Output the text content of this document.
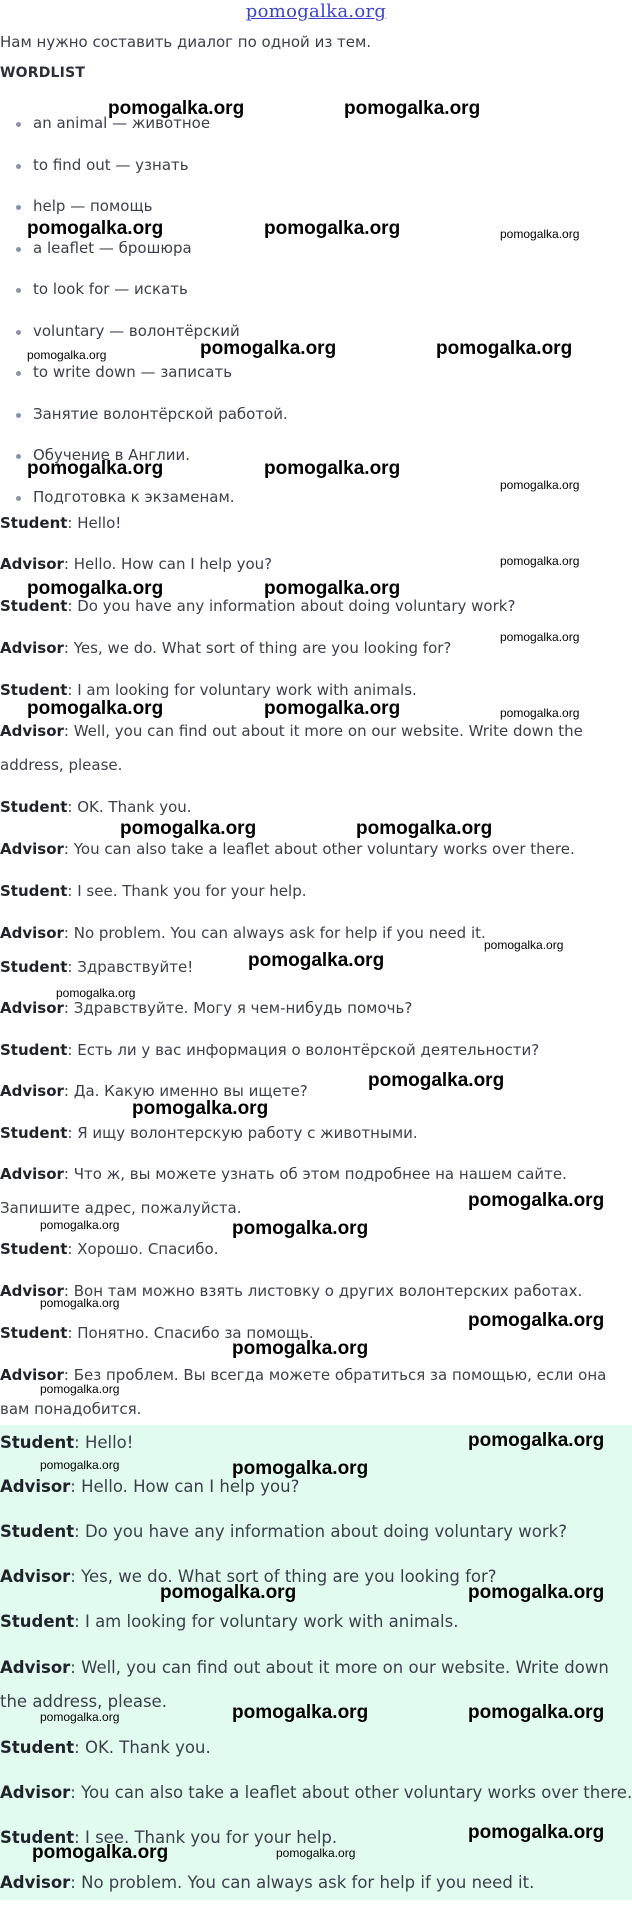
pomogalka.org
Нам нужно составить диалог по одной из тем.
WORDLIST
an animal — животное
to find out — узнать
help — помощь
a leaflet — брошюра
to look for — искать
voluntary — волонтёрский
to write down — записать
Занятие волонтёрской работой.
Обучение в Англии.
Подготовка к экзаменам.
Student: Hello!
Advisor: Hello. How can I help you?
Student: Do you have any information about doing voluntary work?
Advisor: Yes, we do. What sort of thing are you looking for?
Student: I am looking for voluntary work with animals.
Advisor: Well, you can find out about it more on our website. Write down the address, please.
Student: OK. Thank you.
Advisor: You can also take a leaflet about other voluntary works over there.
Student: I see. Thank you for your help.
Advisor: No problem. You can always ask for help if you need it.
Student: Здравствуйте!
Advisor: Здравствуйте. Могу я чем-нибудь помочь?
Student: Есть ли у вас информация о волонтёрской деятельности?
Advisor: Да. Какую именно вы ищете?
Student: Я ищу волонтерскую работу с животными.
Advisor: Что ж, вы можете узнать об этом подробнее на нашем сайте. Запишите адрес, пожалуйста.
Student: Хорошо. Спасибо.
Advisor: Вон там можно взять листовку о других волонтерских работах.
Student: Понятно. Спасибо за помощь.
Advisor: Без проблем. Вы всегда можете обратиться за помощью, если она вам понадобится.
Student: Hello!
Advisor: Hello. How can I help you?
Student: Do you have any information about doing voluntary work?
Advisor: Yes, we do. What sort of thing are you looking for?
Student: I am looking for voluntary work with animals.
Advisor: Well, you can find out about it more on our website. Write down the address, please.
Student: OK. Thank you.
Advisor: You can also take a leaflet about other voluntary works over there.
Student: I see. Thank you for your help.
Advisor: No problem. You can always ask for help if you need it.
pomogalka.org	pomogalka.org
pomogalka.org	pomogalka.org	pomogalka.org
pomogalka.org	pomogalka.org	pomogalka.org
pomogalka.org	pomogalka.org
pomogalka.org
pomogalka.org
pomogalka.org	pomogalka.org
pomogalka.org
pomogalka.org	pomogalka.org	pomogalka.org
pomogalka.org	pomogalka.org
pomogalka.org
pomogalka.org
pomogalka.org
pomogalka.org
pomogalka.org
pomogalka.org
pomogalka.org	pomogalka.org
pomogalka.org
pomogalka.org
pomogalka.org
pomogalka.org
pomogalka.org
pomogalka.org	pomogalka.org
pomogalka.org	pomogalka.org
pomogalka.org	pomogalka.org	pomogalka.org
pomogalka.org
pomogalka.org	pomogalka.org
